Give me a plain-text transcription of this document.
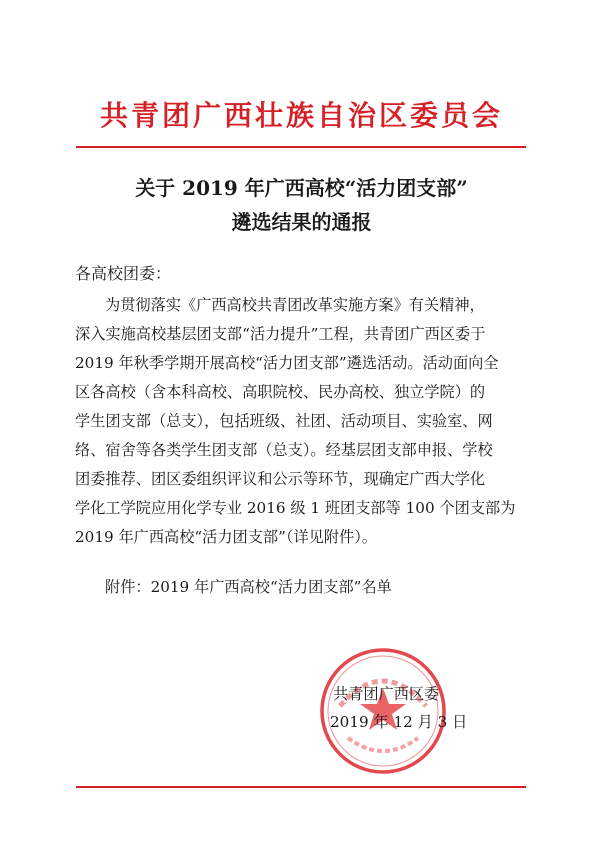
共青团广西壮族自治区委员会
关于 2019 年广西高校“活力团支部”
遴选结果的通报
各高校团委：
为贯彻落实《广西高校共青团改革实施方案》有关精神，
深入实施高校基层团支部“活力提升”工程，共青团广西区委于
2019 年秋季学期开展高校“活力团支部”遴选活动。活动面向全
区各高校（含本科高校、高职院校、民办高校、独立学院）的
学生团支部（总支），包括班级、社团、活动项目、实验室、网
络、宿舍等各类学生团支部（总支）。经基层团支部申报、学校
团委推荐、团区委组织评议和公示等环节，现确定广西大学化
学化工学院应用化学专业 2016 级 1 班团支部等 100 个团支部为
2019 年广西高校“活力团支部”（详见附件）。
附件：2019 年广西高校“活力团支部”名单
共青团广西区委
2019 年 12 月 3 日
